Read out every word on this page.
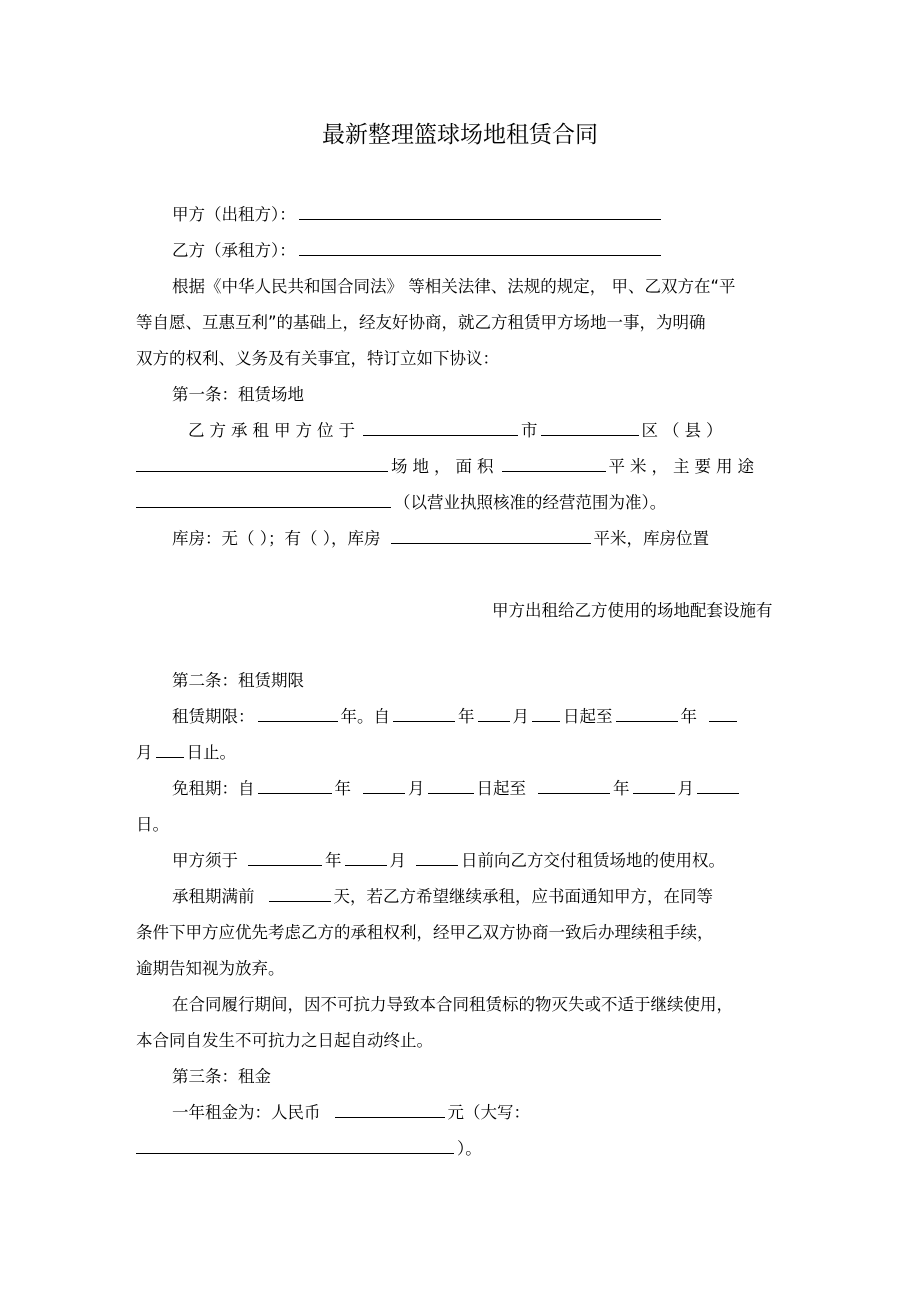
最新整理篮球场地租赁合同
甲方（出租方）：
乙方（承租方）：
根据《中华人民共和国合同法》 等相关法律、法规的规定， 甲、乙双方在“平
等自愿、互惠互利”的基础上，经友好协商，就乙方租赁甲方场地一事，为明确
双方的权利、义务及有关事宜，特订立如下协议：
第一条：租赁场地
乙方承租甲方位于	市	区（县）
场地，面积	平米，主要用途
（以营业执照核准的经营范围为准）。
库房：无（ ）；有（ ），库房	平米，库房位置
甲方出租给乙方使用的场地配套设施有
第二条：租赁期限
租赁期限：	年。自	年 月 日起至	年
月 日止。
免租期：自	年	月	日起至	年	月
日。
甲方须于	年	月	日前向乙方交付租赁场地的使用权。
承租期满前	天，若乙方希望继续承租，应书面通知甲方，在同等
条件下甲方应优先考虑乙方的承租权利，经甲乙双方协商一致后办理续租手续，
逾期告知视为放弃。
在合同履行期间，因不可抗力导致本合同租赁标的物灭失或不适于继续使用，
本合同自发生不可抗力之日起自动终止。
第三条：租金
一年租金为：人民币	元（大写：
）。
